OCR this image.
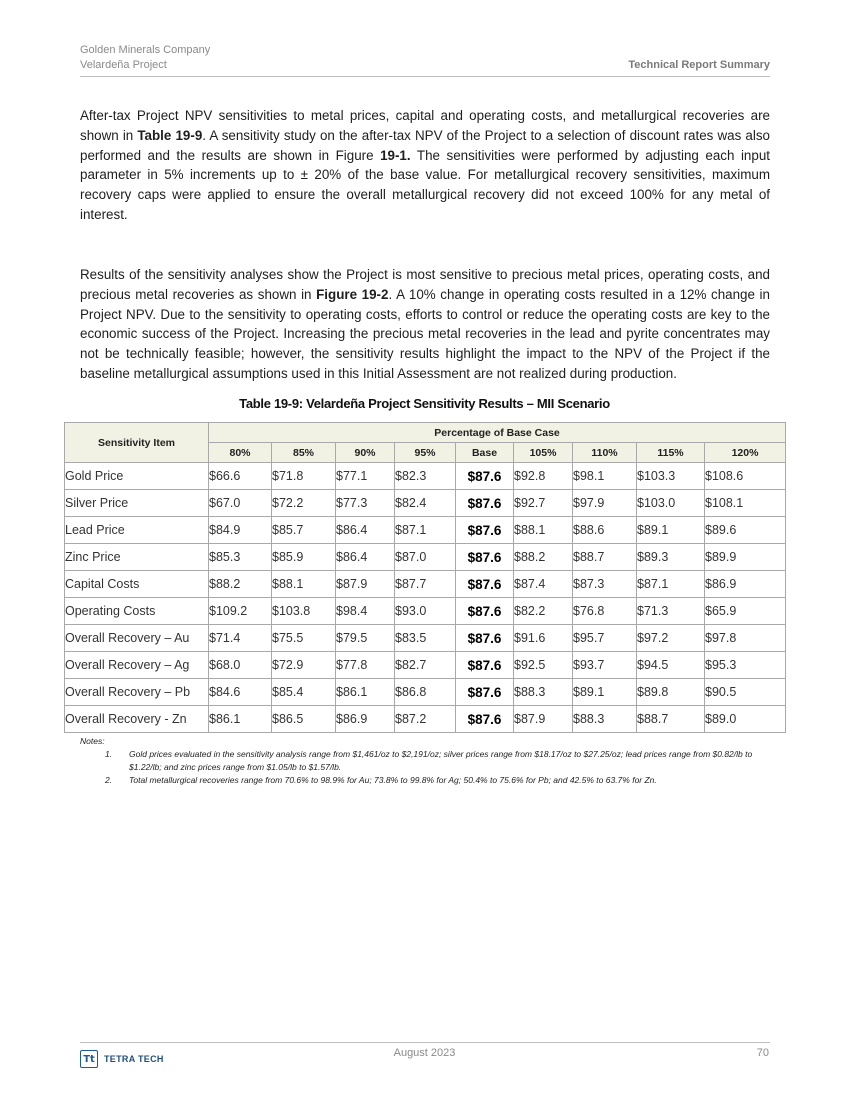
Golden Minerals Company
Velardeña Project	Technical Report Summary
After-tax Project NPV sensitivities to metal prices, capital and operating costs, and metallurgical recoveries are shown in Table 19-9. A sensitivity study on the after-tax NPV of the Project to a selection of discount rates was also performed and the results are shown in Figure 19-1. The sensitivities were performed by adjusting each input parameter in 5% increments up to ± 20% of the base value. For metallurgical recovery sensitivities, maximum recovery caps were applied to ensure the overall metallurgical recovery did not exceed 100% for any metal of interest.
Results of the sensitivity analyses show the Project is most sensitive to precious metal prices, operating costs, and precious metal recoveries as shown in Figure 19-2. A 10% change in operating costs resulted in a 12% change in Project NPV. Due to the sensitivity to operating costs, efforts to control or reduce the operating costs are key to the economic success of the Project. Increasing the precious metal recoveries in the lead and pyrite concentrates may not be technically feasible; however, the sensitivity results highlight the impact to the NPV of the Project if the baseline metallurgical assumptions used in this Initial Assessment are not realized during production.
Table 19-9: Velardeña Project Sensitivity Results – MII Scenario
Sensitivity Item	Percentage of Base Case								
	80%	85%	90%	95%	Base	105%	110%	115%	120%
Gold Price	$66.6	$71.8	$77.1	$82.3	$87.6	$92.8	$98.1	$103.3	$108.6
Silver Price	$67.0	$72.2	$77.3	$82.4	$87.6	$92.7	$97.9	$103.0	$108.1
Lead Price	$84.9	$85.7	$86.4	$87.1	$87.6	$88.1	$88.6	$89.1	$89.6
Zinc Price	$85.3	$85.9	$86.4	$87.0	$87.6	$88.2	$88.7	$89.3	$89.9
Capital Costs	$88.2	$88.1	$87.9	$87.7	$87.6	$87.4	$87.3	$87.1	$86.9
Operating Costs	$109.2	$103.8	$98.4	$93.0	$87.6	$82.2	$76.8	$71.3	$65.9
Overall Recovery – Au	$71.4	$75.5	$79.5	$83.5	$87.6	$91.6	$95.7	$97.2	$97.8
Overall Recovery – Ag	$68.0	$72.9	$77.8	$82.7	$87.6	$92.5	$93.7	$94.5	$95.3
Overall Recovery – Pb	$84.6	$85.4	$86.1	$86.8	$87.6	$88.3	$89.1	$89.8	$90.5
Overall Recovery - Zn	$86.1	$86.5	$86.9	$87.2	$87.6	$87.9	$88.3	$88.7	$89.0
Notes:
1. Gold prices evaluated in the sensitivity analysis range from $1,461/oz to $2,191/oz; silver prices range from $18.17/oz to $27.25/oz; lead prices range from $0.82/lb to $1.22/lb; and zinc prices range from $1.05/lb to $1.57/lb.
2. Total metallurgical recoveries range from 70.6% to 98.9% for Au; 73.8% to 99.8% for Ag; 50.4% to 75.6% for Pb; and 42.5% to 63.7% for Zn.
Tt	TETRA TECH	August 2023	70
